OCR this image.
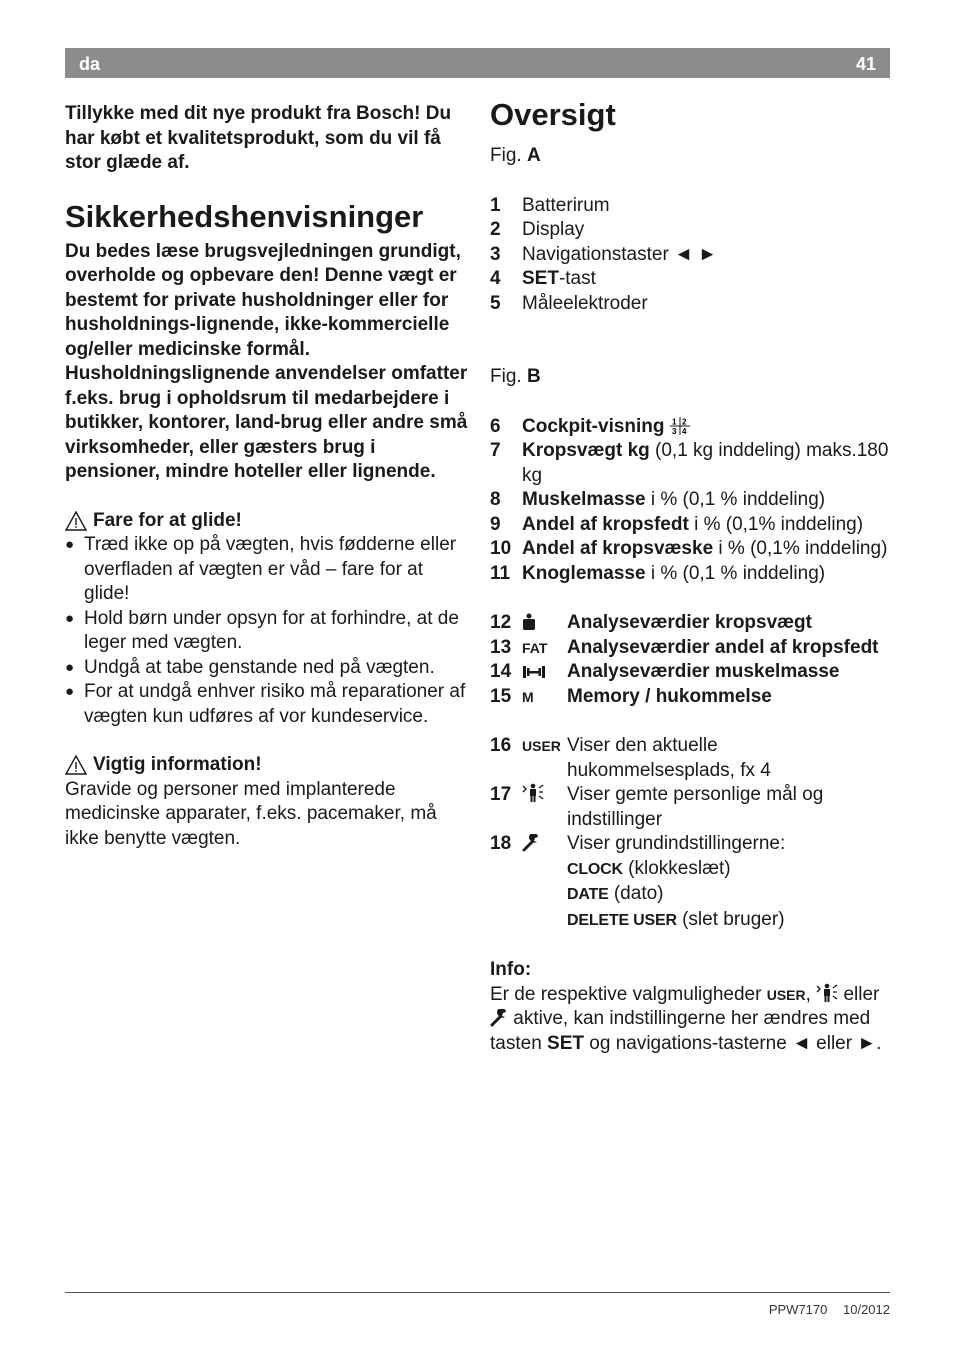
da	41

Tillykke med dit nye produkt fra Bosch! Du har købt et kvalitetsprodukt, som du vil få stor glæde af.

Sikkerhedshenvisninger

Du bedes læse brugsvejledningen grundigt, overholde og opbevare den! Denne vægt er bestemt for private husholdninger eller for husholdnings-lignende, ikke-kommercielle og/eller medicinske formål. Husholdningslignende anvendelser omfatter f.eks. brug i opholdsrum til medarbejdere i butikker, kontorer, land-brug eller andre små virksomheder, eller gæsters brug i pensioner, mindre hoteller eller lignende.

Fare for at glide!
● Træd ikke op på vægten, hvis fødderne eller overfladen af vægten er våd – fare for at glide!
● Hold børn under opsyn for at forhindre, at de leger med vægten.
● Undgå at tabe genstande ned på vægten.
● For at undgå enhver risiko må reparationer af vægten kun udføres af vor kundeservice.
Vigtig information!

Gravide og personer med implanterede medicinske apparater, f.eks. pacemaker, må ikke benytte vægten.

Oversigt

Fig. A

1	Batterirum
2	Display
3	Navigationstaster ◄ ►
4	SET-tast
5	Måleelektroder

Fig. B

6	Cockpit-visning 1 2
3 4
7	Kropsvægt kg (0,1 kg inddeling) maks.180 kg
8	Muskelmasse i % (0,1 % inddeling)
9	Andel af kropsfedt i % (0,1% inddeling)
10 Andel af kropsvæske i % (0,1% inddeling)
11 Knoglemasse i % (0,1 % inddeling)
12	Analyseværdier kropsvægt
13 FAT	Analyseværdier andel af kropsfedt
14	Analyseværdier muskelmasse
15 M	Memory / hukommelse
16 USER Viser den aktuelle hukommelsesplads, fx 4
17	Viser gemte personlige mål og indstillinger
18	Viser grundindstillingerne:
CLOCK (klokkeslæt)
DATE (dato)
DELETE USER (slet bruger)

Info:

Er de respektive valgmuligheder USER,  eller  aktive, kan indstillingerne her ændres med tasten SET og navigations-tasterne ◄ eller ►.

PPW7170 10/2012
